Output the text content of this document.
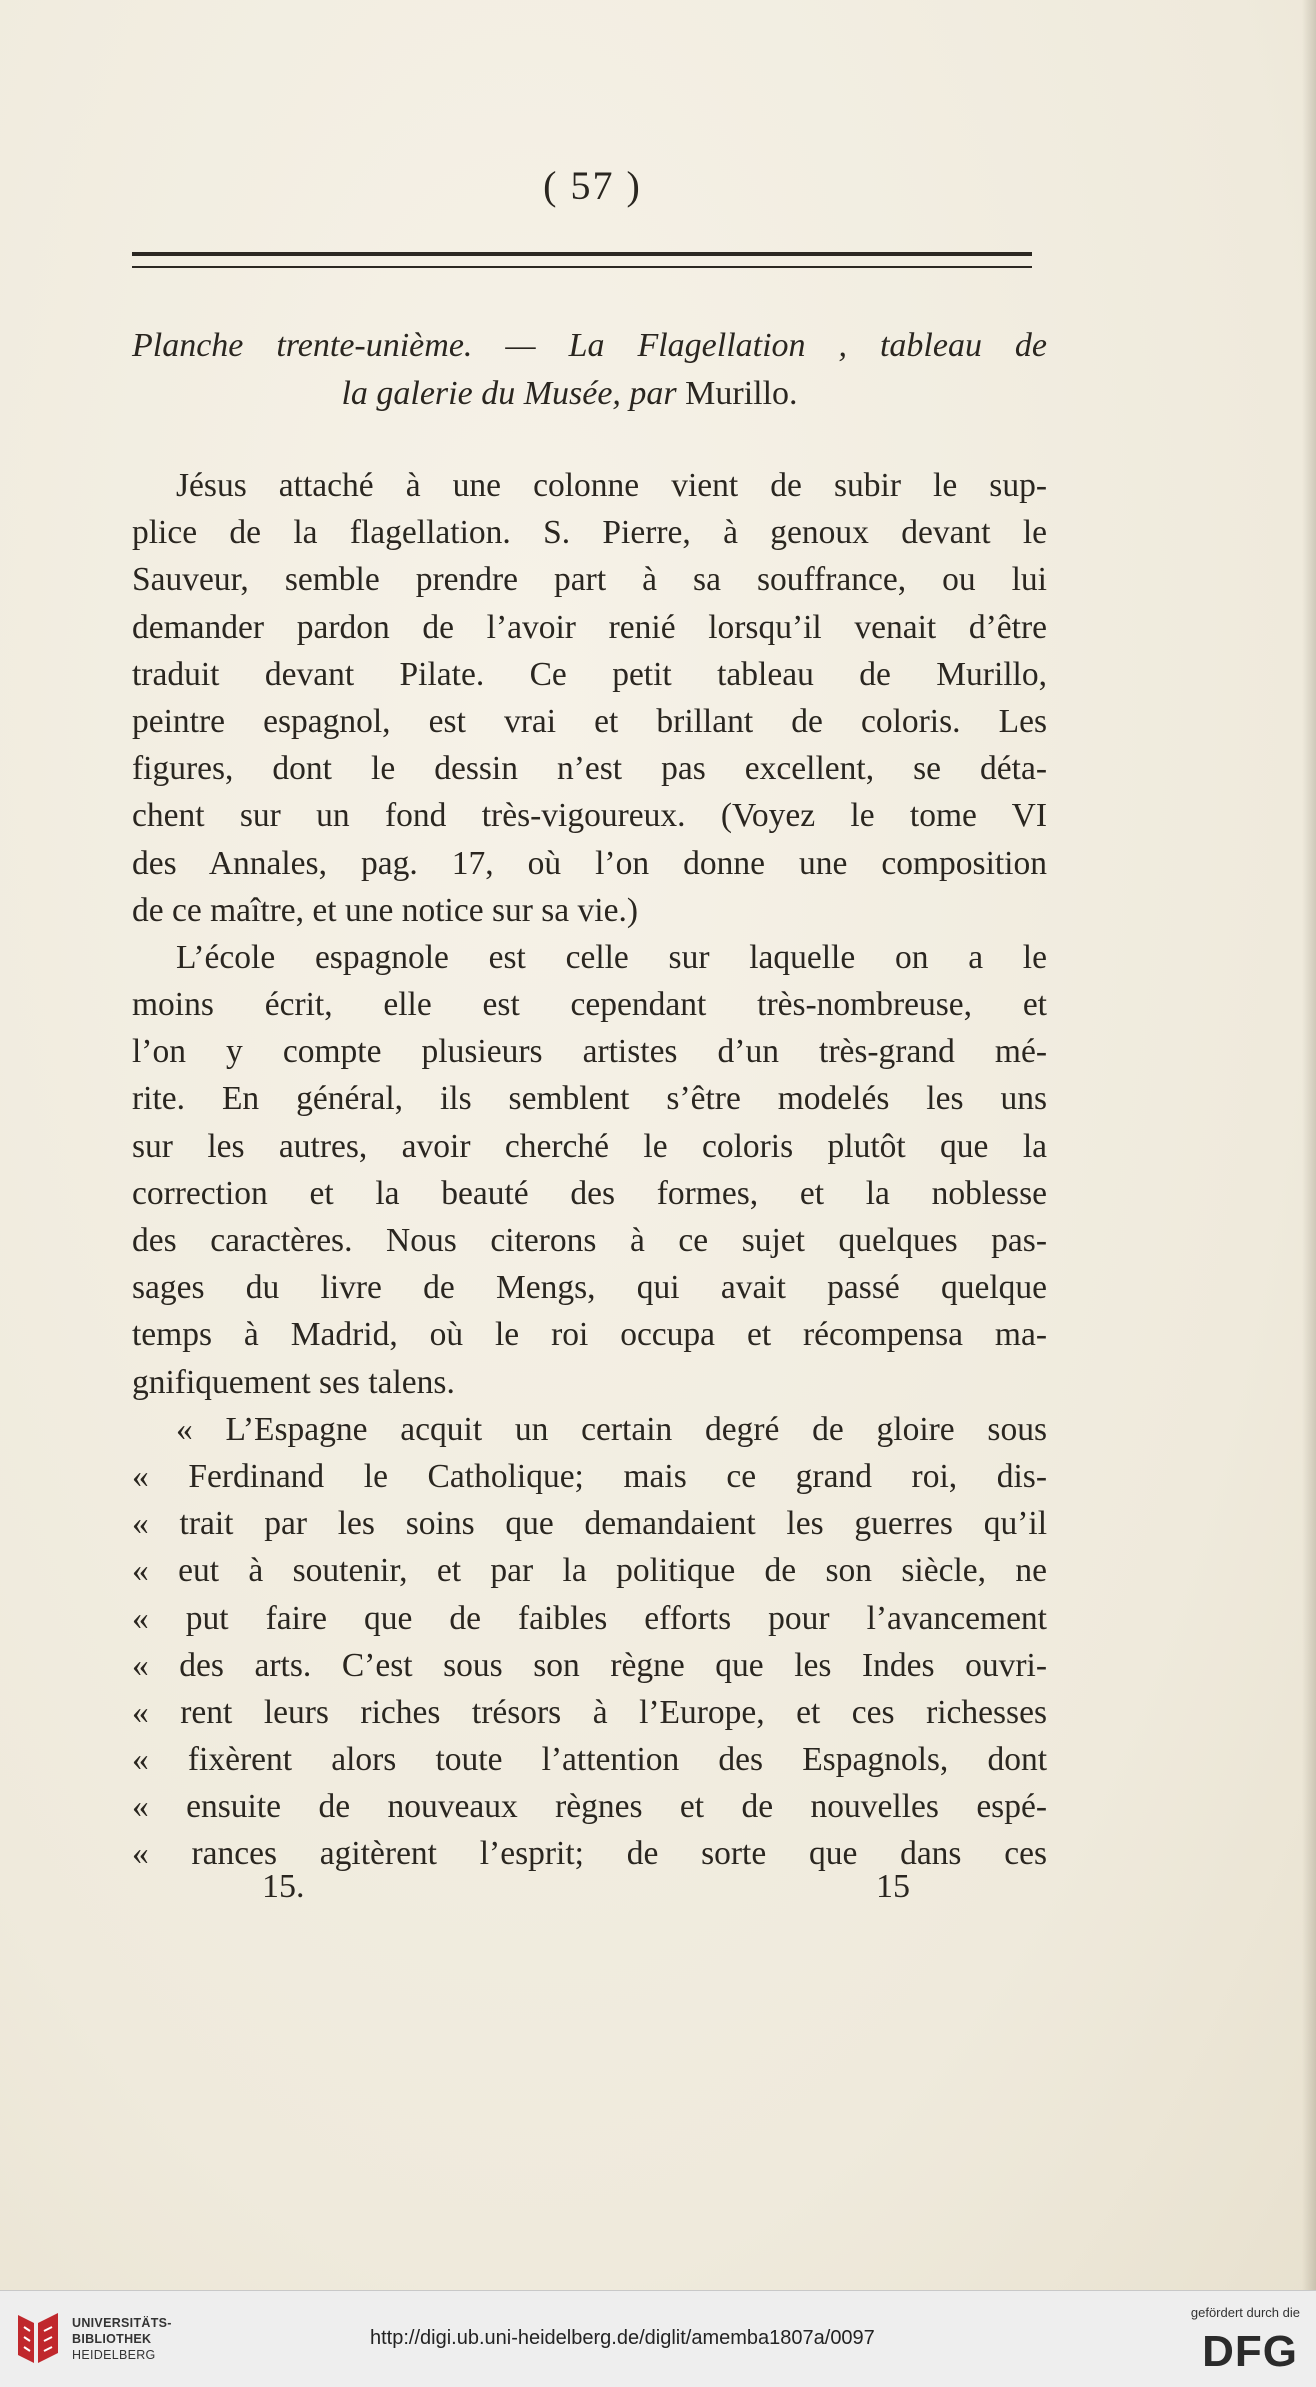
( 57 )
Planche trente-unième. — La Flagellation , tableau de
la galerie du Musée, par Murillo.
Jésus attaché à une colonne vient de subir le sup-
plice de la flagellation. S. Pierre, à genoux devant le
Sauveur, semble prendre part à sa souffrance, ou lui
demander pardon de l’avoir renié lorsqu’il venait d’être
traduit devant Pilate. Ce petit tableau de Murillo,
peintre espagnol, est vrai et brillant de coloris. Les
figures, dont le dessin n’est pas excellent, se déta-
chent sur un fond très-vigoureux. (Voyez le tome VI
des Annales, pag. 17, où l’on donne une composition
de ce maître, et une notice sur sa vie.)
L’école espagnole est celle sur laquelle on a le
moins écrit, elle est cependant très-nombreuse, et
l’on y compte plusieurs artistes d’un très-grand mé-
rite. En général, ils semblent s’être modelés les uns
sur les autres, avoir cherché le coloris plutôt que la
correction et la beauté des formes, et la noblesse
des caractères. Nous citerons à ce sujet quelques pas-
sages du livre de Mengs, qui avait passé quelque
temps à Madrid, où le roi occupa et récompensa ma-
gnifiquement ses talens.
« L’Espagne acquit un certain degré de gloire sous
« Ferdinand le Catholique; mais ce grand roi, dis-
« trait par les soins que demandaient les guerres qu’il
« eut à soutenir, et par la politique de son siècle, ne
« put faire que de faibles efforts pour l’avancement
« des arts. C’est sous son règne que les Indes ouvri-
« rent leurs riches trésors à l’Europe, et ces richesses
« fixèrent alors toute l’attention des Espagnols, dont
« ensuite de nouveaux règnes et de nouvelles espé-
« rances agitèrent l’esprit; de sorte que dans ces
15.	15
UNIVERSITÄTS-
BIBLIOTHEK
HEIDELBERG
http://digi.ub.uni-heidelberg.de/diglit/amemba1807a/0097
gefördert durch die
DFG
